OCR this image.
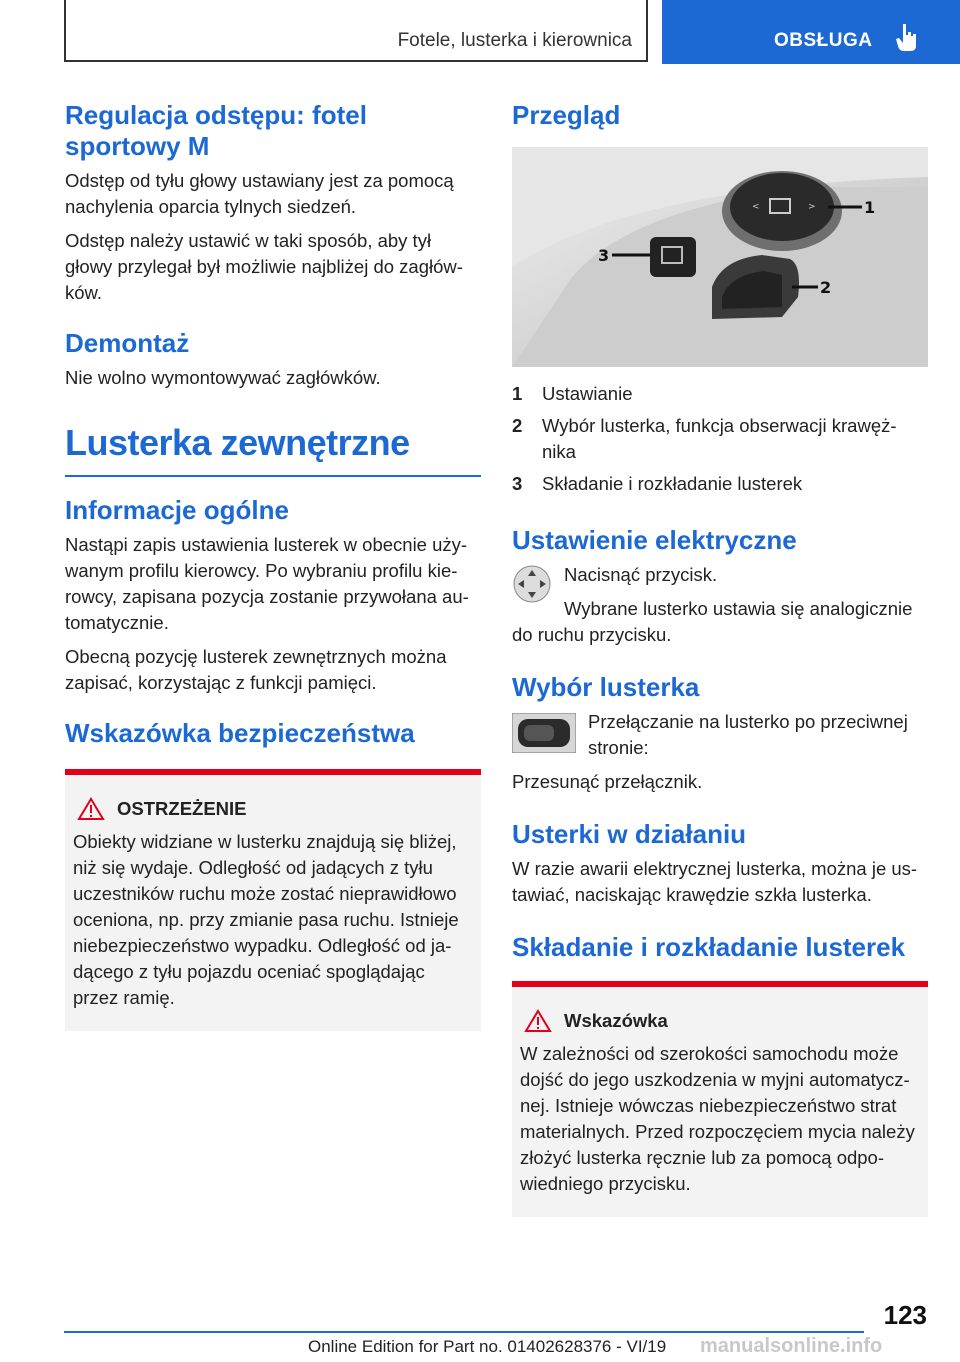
Fotele, lusterka i kierownica	OBSŁUGA
Regulacja odstępu: fotel sportowy M

Odstęp od tyłu głowy ustawiany jest za pomocą nachylenia oparcia tylnych siedzeń.

Odstęp należy ustawić w taki sposób, aby tył głowy przylegał był możliwie najbliżej do zagłów-ków.

Demontaż

Nie wolno wymontowywać zagłówków.

Lusterka zewnętrzne
Informacje ogólne

Nastąpi zapis ustawienia lusterek w obecnie uży-wanym profilu kierowcy. Po wybraniu profilu kie-rowcy, zapisana pozycja zostanie przywołana au-tomatycznie.

Obecną pozycję lusterek zewnętrznych można zapisać, korzystając z funkcji pamięci.

Wskazówka bezpieczeństwa
OSTRZEŻENIE

Obiekty widziane w lusterku znajdują się bliżej, niż się wydaje. Odległość od jadących z tyłu uczestników ruchu może zostać nieprawidłowo oceniona, np. przy zmianie pasa ruchu. Istnieje niebezpieczeństwo wypadku. Odległość od ja-dącego z tyłu pojazdu oceniać spoglądając przez ramię.

Przegląd
<	>	1
2
3
1	Ustawianie
2	Wybór lusterka, funkcja obserwacji krawęż-nika
3	Składanie i rozkładanie lusterek
Ustawienie elektryczne

Nacisnąć przycisk.

Wybrane lusterko ustawia się analogicznie do ruchu przycisku.

Wybór lusterka

Przełączanie na lusterko po przeciwnej stronie:

Przesunąć przełącznik.

Usterki w działaniu

W razie awarii elektrycznej lusterka, można je us-tawiać, naciskając krawędzie szkła lusterka.

Składanie i rozkładanie lusterek
Wskazówka

W zależności od szerokości samochodu może dojść do jego uszkodzenia w myjni automatycz-nej. Istnieje wówczas niebezpieczeństwo strat materialnych. Przed rozpoczęciem mycia należy złożyć lusterka ręcznie lub za pomocą odpo-wiedniego przycisku.

123
Online Edition for Part no. 01402628376 - VI/19 manualsonline.info
